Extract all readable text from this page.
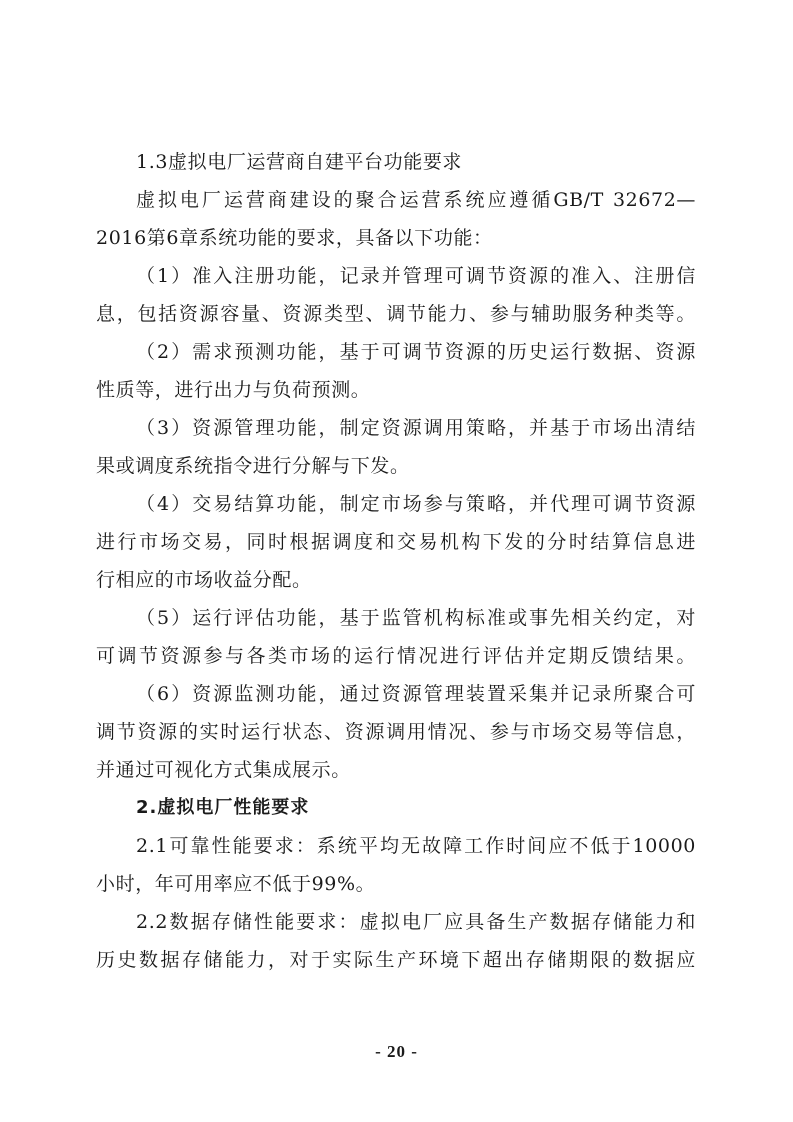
1.3虚拟电厂运营商自建平台功能要求
虚拟电厂运营商建设的聚合运营系统应遵循GB/T 32672—
2016第6章系统功能的要求，具备以下功能：
（1）准入注册功能，记录并管理可调节资源的准入、注册信
息，包括资源容量、资源类型、调节能力、参与辅助服务种类等。
（2）需求预测功能，基于可调节资源的历史运行数据、资源
性质等，进行出力与负荷预测。
（3）资源管理功能，制定资源调用策略，并基于市场出清结
果或调度系统指令进行分解与下发。
（4）交易结算功能，制定市场参与策略，并代理可调节资源
进行市场交易，同时根据调度和交易机构下发的分时结算信息进
行相应的市场收益分配。
（5）运行评估功能，基于监管机构标准或事先相关约定，对
可调节资源参与各类市场的运行情况进行评估并定期反馈结果。
（6）资源监测功能，通过资源管理装置采集并记录所聚合可
调节资源的实时运行状态、资源调用情况、参与市场交易等信息，
并通过可视化方式集成展示。
2.虚拟电厂性能要求
2.1可靠性能要求：系统平均无故障工作时间应不低于10000
小时，年可用率应不低于99%。
2.2数据存储性能要求：虚拟电厂应具备生产数据存储能力和
历史数据存储能力，对于实际生产环境下超出存储期限的数据应
- 20 -
